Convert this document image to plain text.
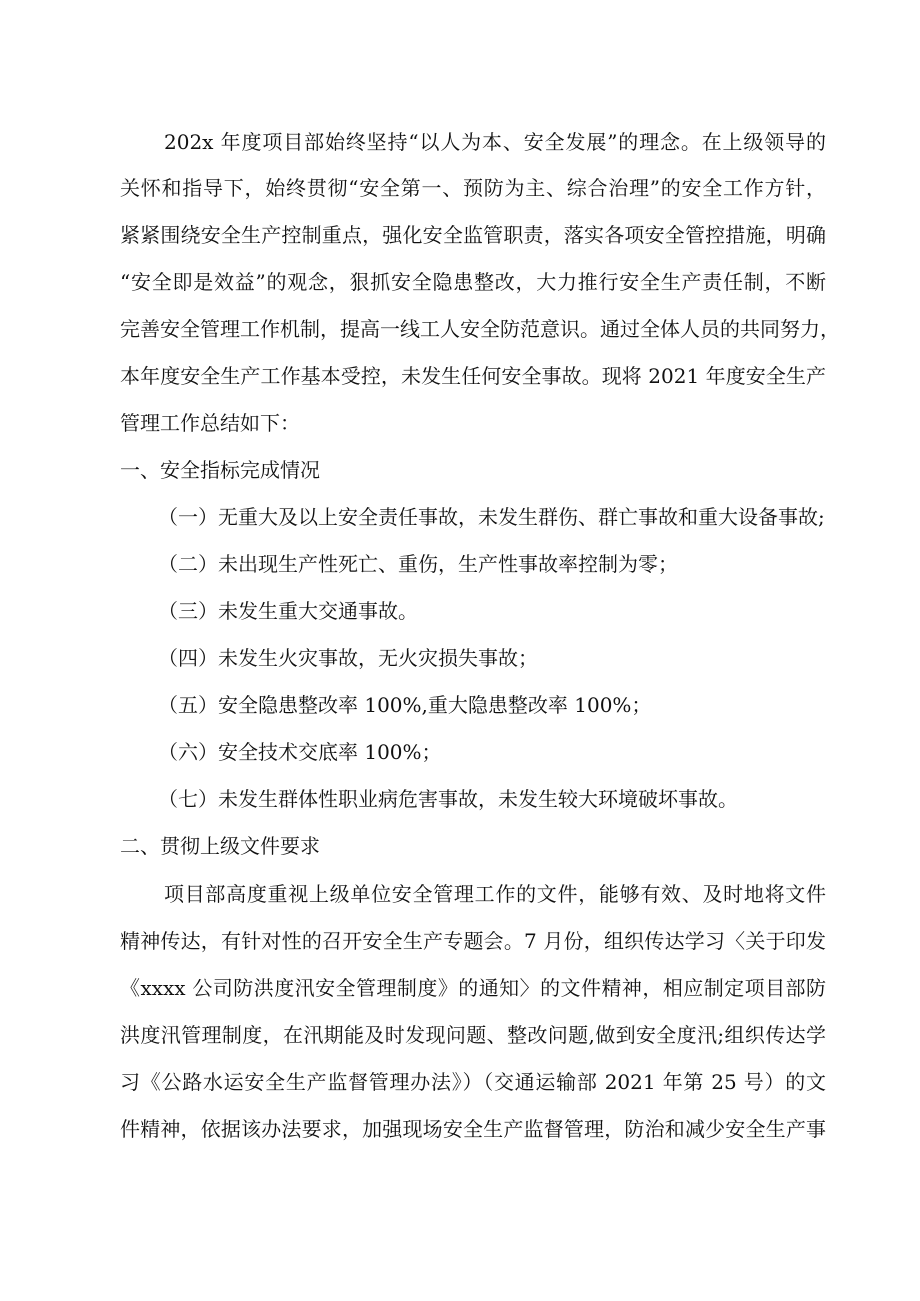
202x 年度项目部始终坚持“以人为本、安全发展”的理念。在上级领导的
关怀和指导下，始终贯彻“安全第一、预防为主、综合治理”的安全工作方针，
紧紧围绕安全生产控制重点，强化安全监管职责，落实各项安全管控措施，明确
“安全即是效益”的观念，狠抓安全隐患整改，大力推行安全生产责任制，不断
完善安全管理工作机制，提高一线工人安全防范意识。通过全体人员的共同努力，
本年度安全生产工作基本受控，未发生任何安全事故。现将 2021 年度安全生产
管理工作总结如下：
一、安全指标完成情况
（一）无重大及以上安全责任事故，未发生群伤、群亡事故和重大设备事故;
（二）未出现生产性死亡、重伤，生产性事故率控制为零；
（三）未发生重大交通事故。
（四）未发生火灾事故，无火灾损失事故；
（五）安全隐患整改率 100%,重大隐患整改率 100%；
（六）安全技术交底率 100%；
（七）未发生群体性职业病危害事故，未发生较大环境破坏事故。
二、贯彻上级文件要求
项目部高度重视上级单位安全管理工作的文件，能够有效、及时地将文件
精神传达，有针对性的召开安全生产专题会。7 月份，组织传达学习〈关于印发
《xxxx 公司防洪度汛安全管理制度》的通知〉的文件精神，相应制定项目部防
洪度汛管理制度，在汛期能及时发现问题、整改问题,做到安全度汛;组织传达学
习《公路水运安全生产监督管理办法》）（交通运输部 2021 年第 25 号）的文
件精神，依据该办法要求，加强现场安全生产监督管理，防治和减少安全生产事
